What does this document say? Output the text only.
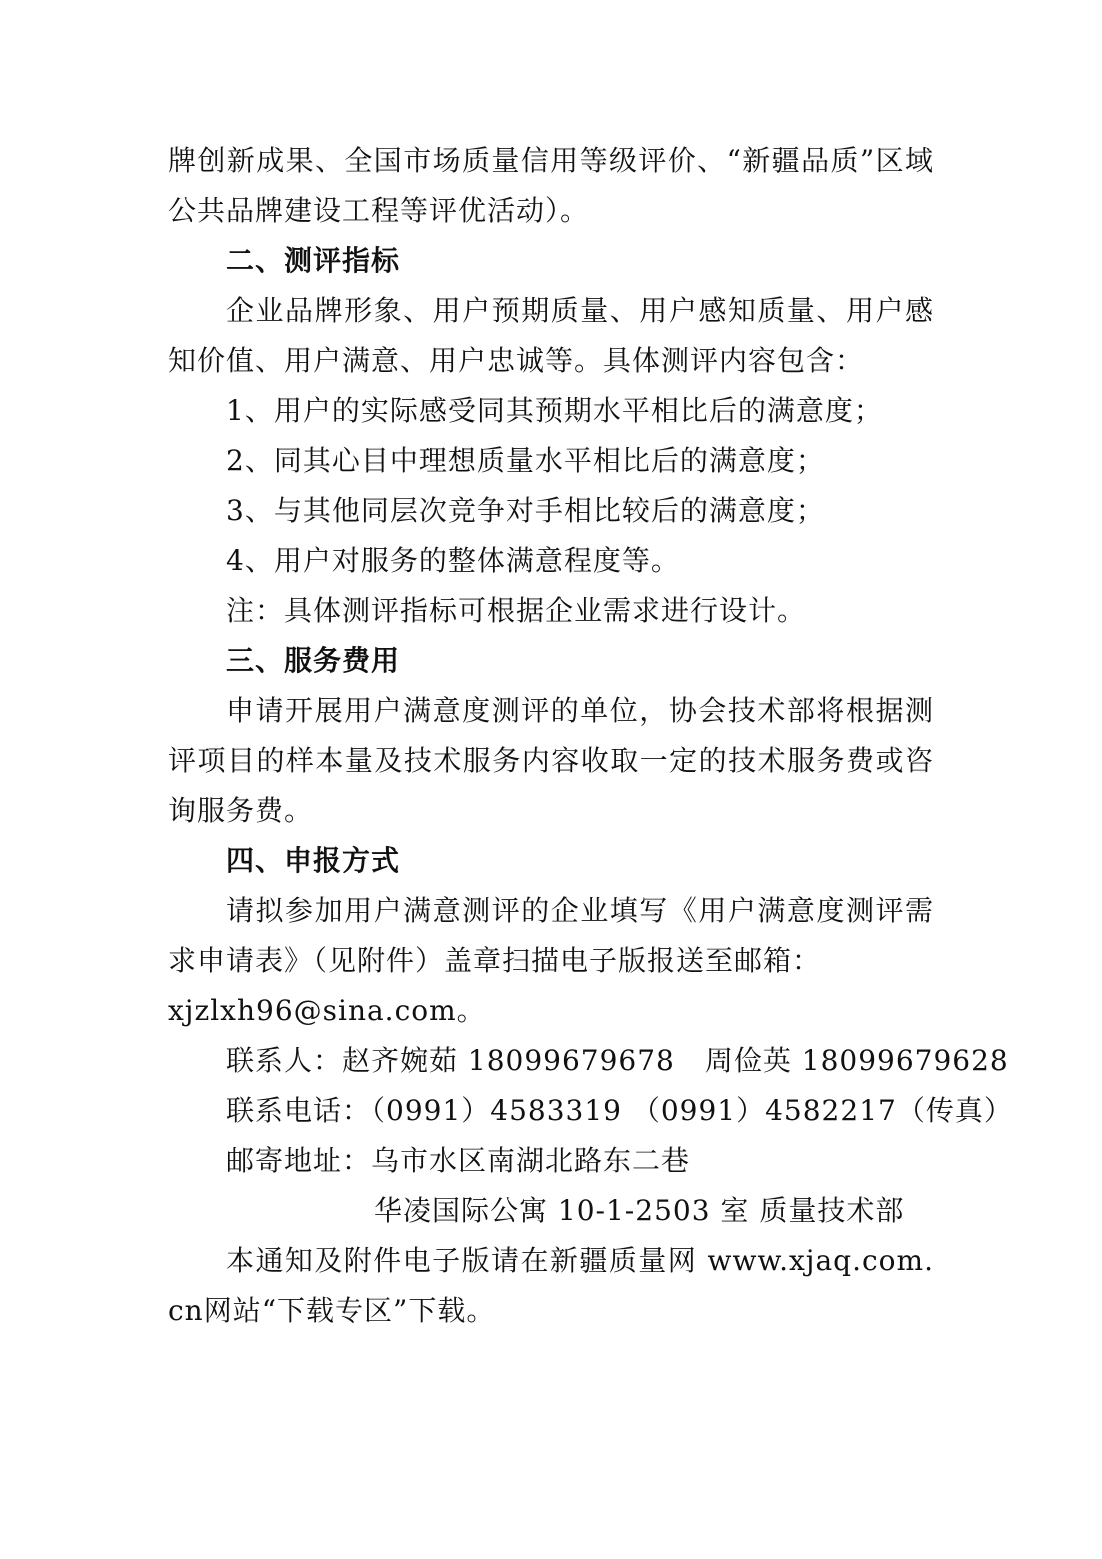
牌创新成果、全国市场质量信用等级评价、“新疆品质”区域公共品牌建设工程等评优活动）。

二、测评指标

企业品牌形象、用户预期质量、用户感知质量、用户感知价值、用户满意、用户忠诚等。具体测评内容包含：

1、用户的实际感受同其预期水平相比后的满意度；

2、同其心目中理想质量水平相比后的满意度；

3、与其他同层次竞争对手相比较后的满意度；

4、用户对服务的整体满意程度等。

注：具体测评指标可根据企业需求进行设计。

三、服务费用

申请开展用户满意度测评的单位，协会技术部将根据测评项目的样本量及技术服务内容收取一定的技术服务费或咨询服务费。

四、申报方式

请拟参加用户满意测评的企业填写《用户满意度测评需求申请表》（见附件）盖章扫描电子版报送至邮箱：

xjzlxh96@sina.com。

联系人：赵齐婉茹 18099679678 周俭英 18099679628

联系电话：（0991）4583319 （0991）4582217（传真）

邮寄地址：乌市水区南湖北路东二巷

华凌国际公寓 10-1-2503 室 质量技术部

本通知及附件电子版请在新疆质量网 www.xjaq.com.cn网站“下载专区”下载。
